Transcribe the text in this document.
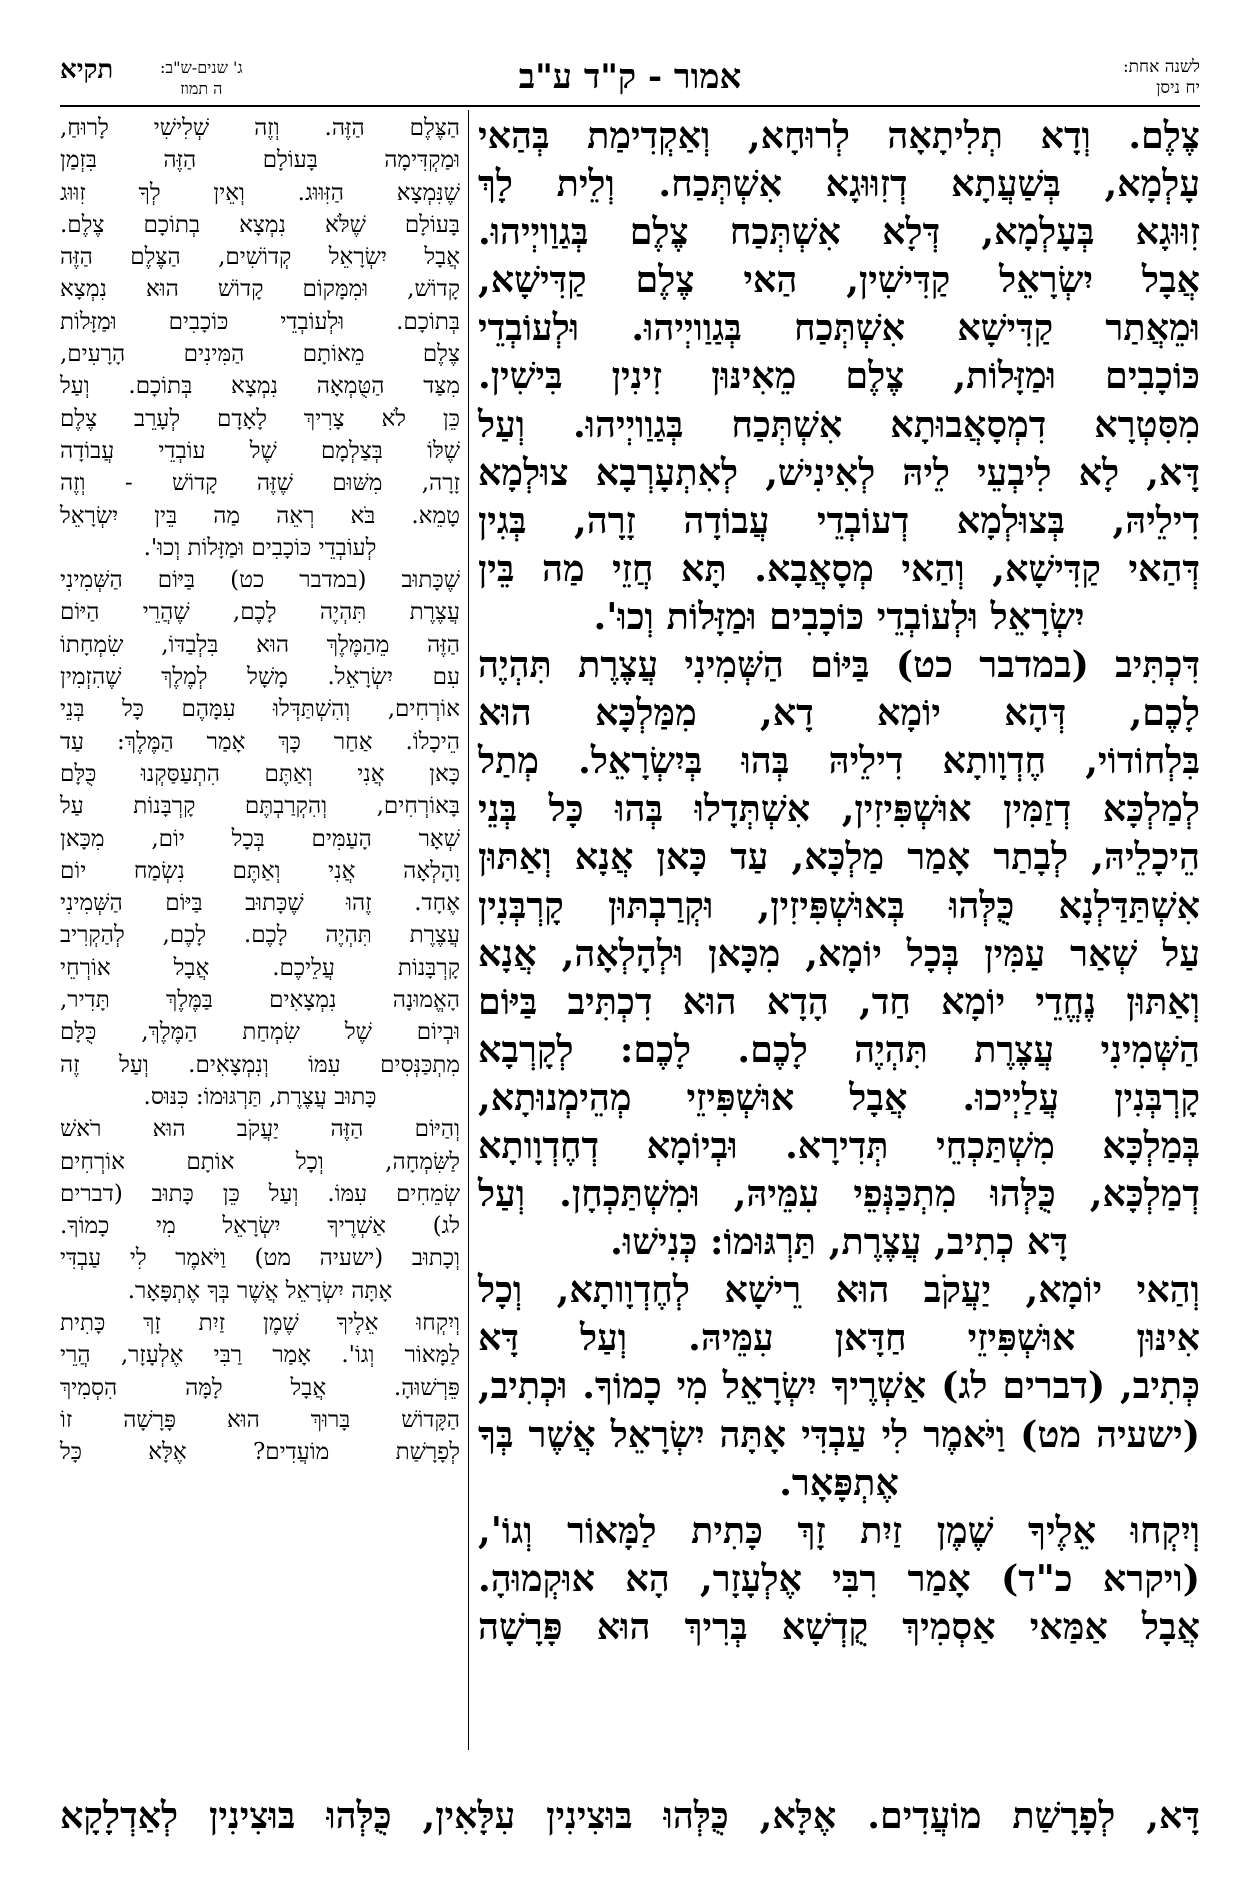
תקיא	ג' שנים-ש"ב:
ה תמוז	אמור - ק"ד ע"ב	לשנה אחת:
יח ניסן
צֶלֶם. וְדָא תְלִיתָאָה לְרוּחָא, וְאַקְדִימַת בְּהַאי
עָלְמָא, בְּשַׁעֲתָא דְזִוּוּגָא אִשְׁתְּכַח. וְלֵית לָךְ
זִוּוּגָא בְּעָלְמָא, דְּלָא אִשְׁתְּכַח צֶלֶם בְּגַוַויְיהוּ.
אֲבָל יִשְׂרָאֵל קַדִּישִׁין, הַאי צֶלֶם קַדִּישָׁא,
וּמֵאֲתַר קַדִּישָׁא אִשְׁתְּכַח בְּגַוַויְיהוּ. וּלְעוֹבְדֵי
כּוֹכָבִים וּמַזָּלוֹת, צֶלֶם מֵאִינּוּן זִינִין בִּישִׁין.
מִסִּטְרָא דִמְסָאֲבוּתָא אִשְׁתְּכַח בְּגַוַויְיהוּ. וְעַל
דָּא, לָא לִיבְעֵי לֵיהּ לְאִינִישׁ, לְאִתְעָרְבָא צוּלְמָא
דִילֵיהּ, בְּצוּלְמָא דְעוֹבְדֵי עֲבוֹדָה זָרָה, בְּגִין
דְּהַאי קַדִּישָׁא, וְהַאי מְסָאֲבָא. תָּא חֲזֵי מַה בֵּין
יִשְׂרָאֵל וּלְעוֹבְדֵי כּוֹכָבִים וּמַזָּלוֹת וְכוּ'.
דִּכְתִּיב (במדבר כט) בַּיּוֹם הַשְּׁמִינִי עֲצֶרֶת תִּהְיֶה
לָכֶם, דְּהָא יוֹמָא דָא, מִמַּלְכָּא הוּא
בִּלְחוֹדוֹי, חֶדְוָותָא דִילֵיהּ בְּהוּ בְּיִשְׂרָאֵל. מְתַל
לְמַלְכָּא דְזַמִּין אוּשְׁפִּיזִין, אִשְׁתְּדָלוּ בְּהוּ כָּל בְּנֵי
הֵיכָלֵיהּ, לְבָתַר אָמַר מַלְכָּא, עַד כָּאן אֲנָא וְאַתּוּן
אִשְׁתַּדַּלְנָא כֻּלְּהוּ בְּאוּשְׁפִּיזִין, וּקְרַבְתּוּן קָרְבְּנִין
עַל שְׁאַר עַמִּין בְּכָל יוֹמָא, מִכָּאן וּלְהָלְאָה, אֲנָא
וְאַתּוּן נֶחֱדֵי יוֹמָא חַד, הָדָא הוּא דִכְתִּיב בַּיּוֹם
הַשְּׁמִינִי עֲצֶרֶת תִּהְיֶה לָכֶם. לָכֶם: לְקָרְבָא
קָרְבְּנִין עֲלַיְיכוּ. אֲבָל אוּשְׁפִּיזֵי מְהֵימְנוּתָא,
בְּמַלְכָּא מִשְׁתַּכְחֵי תְּדִירָא. וּבְיוֹמָא דְחֶדְוָותָא
דְמַלְכָּא, כֻּלְּהוּ מִתְכַּנְּפֵי עִמֵּיהּ, וּמִשְׁתַּכְחָן. וְעַל
דָּא כְתִיב, עֲצֶרֶת, תַּרְגּוּמוֹ: כְּנִישׁוּ.
וְהַאי יוֹמָא, יַעֲקֹב הוּא רֵישָׁא לְחֶדְוָותָא, וְכָל
אִינּוּן אוּשְׁפִּיזֵי חַדָּאן עִמֵּיהּ. וְעַל דָּא
כְּתִיב, (דברים לג) אַשְׁרֶיךָ יִשְׂרָאֵל מִי כָמוֹךָ. וּכְתִיב,
(ישעיה מט) וַיֹּאמֶר לִי עַבְדִּי אָתָּה יִשְׂרָאֵל אֲשֶׁר בְּךָ
אֶתְפָּאָר.
וְיִקְחוּ אֵלֶיךָ שֶׁמֶן זַיִת זָךְ כָּתִית לַמָּאוֹר וְגוֹ',
(ויקרא כ"ד) אָמַר רִבִּי אֶלְעָזָר, הָא אוּקְמוּהָ.
אֲבָל אַמַּאי אַסְמִיךְ קֻדְשָׁא בְּרִיךְ הוּא פָּרָשָׁה
הַצֶּלֶם הַזֶּה. וְזֶה שְׁלִישִׁי לָרוּחַ,
וּמַקְדִּימָה בָּעוֹלָם הַזֶּה בִּזְמַן
שֶׁנִּמְצָא הַזִּוּוּג. וְאֵין לְךָ זִוּוּג
בָּעוֹלָם שֶׁלֹּא נִמְצָא בְתוֹכָם צֶלֶם.
אֲבָל יִשְׂרָאֵל קְדוֹשִׁים, הַצֶּלֶם הַזֶּה
קָדוֹשׁ, וּמִמָּקוֹם קָדוֹשׁ הוּא נִמְצָא
בְּתוֹכָם. וּלְעוֹבְדֵי כּוֹכָבִים וּמַזָּלוֹת
צֶלֶם מֵאוֹתָם הַמִּינִים הָרָעִים,
מִצַּד הַטֻּמְאָה נִמְצָא בְּתוֹכָם. וְעַל
כֵּן לֹא צָרִיךְ לָאָדָם לְעָרֵב צֶלֶם
שֶׁלּוֹ בְּצַלְמָם שֶׁל עוֹבְדֵי עֲבוֹדָה
זָרָה, מִשּׁוּם שֶׁזֶּה קָדוֹשׁ - וְזֶה
טָמֵא. בֹּא רְאֵה מַה בֵּין יִשְׂרָאֵל
לְעוֹבְדֵי כּוֹכָבִים וּמַזָּלוֹת וְכוּ'.
שֶׁכָּתוּב (במדבר כט) בַּיּוֹם הַשְּׁמִינִי
עֲצֶרֶת תִּהְיֶה לָכֶם, שֶׁהֲרֵי הַיּוֹם
הַזֶּה מֵהַמֶּלֶךְ הוּא בִּלְבַדּוֹ, שִׂמְחָתוֹ
עִם יִשְׂרָאֵל. מָשָׁל לְמֶלֶךְ שֶׁהִזְמִין
אוֹרְחִים, וְהִשְׁתַּדְּלוּ עִמָּהֶם כָּל בְּנֵי
הֵיכָלוֹ. אַחַר כָּךְ אָמַר הַמֶּלֶךְ: עַד
כָּאן אֲנִי וְאַתֶּם הִתְעַסַּקְנוּ כֻּלָּם
בָּאוֹרְחִים, וְהִקְרַבְתֶּם קָרְבָּנוֹת עַל
שְׁאָר הָעַמִּים בְּכָל יוֹם, מִכָּאן
וָהָלְאָה אֲנִי וְאַתֶּם נִשְׂמַח יוֹם
אֶחָד. זֶהוּ שֶׁכָּתוּב בַּיּוֹם הַשְּׁמִינִי
עֲצֶרֶת תִּהְיֶה לָכֶם. לָכֶם, לְהַקְרִיב
קָרְבָּנוֹת עֲלֵיכֶם. אֲבָל אוֹרְחֵי
הָאֱמוּנָה נִמְצָאִים בַּמֶּלֶךְ תָּדִיר,
וּבְיוֹם שֶׁל שִׂמְחַת הַמֶּלֶךְ, כֻּלָּם
מִתְכַּנְּסִים עִמּוֹ וְנִמְצָאִים. וְעַל זֶה
כָּתוּב עֲצֶרֶת, תַּרְגּוּמוֹ: כִּנּוּס.
וְהַיּוֹם הַזֶּה יַעֲקֹב הוּא רֹאשׁ
לַשִּׂמְחָה, וְכָל אוֹתָם אוֹרְחִים
שְׂמֵחִים עִמּוֹ. וְעַל כֵּן כָּתוּב (דברים
לג) אַשְׁרֶיךָ יִשְׂרָאֵל מִי כָמוֹךָ.
וְכָתוּב (ישעיה מט) וַיֹּאמֶר לִי עַבְדִּי
אָתָּה יִשְׂרָאֵל אֲשֶׁר בְּךָ אֶתְפָּאָר.
וְיִקְחוּ אֵלֶיךָ שֶׁמֶן זַיִת זָךְ כָּתִית
לַמָּאוֹר וְגוֹ'. אָמַר רַבִּי אֶלְעָזָר, הֲרֵי
פֵּרְשׁוּהָ. אֲבָל לָמָּה הִסְמִיךְ
הַקָּדוֹשׁ בָּרוּךְ הוּא פָּרָשָׁה זוֹ
לְפָרָשַׁת מוֹעֲדִים? אֶלָּא כָּל
דָּא, לְפָרָשַׁת מוֹעֲדִים. אֶלָּא, כֻּלְּהוּ בּוּצִינִין עִלָּאִין, כֻּלְּהוּ בּוּצִינִין לְאַדְלָקָא
